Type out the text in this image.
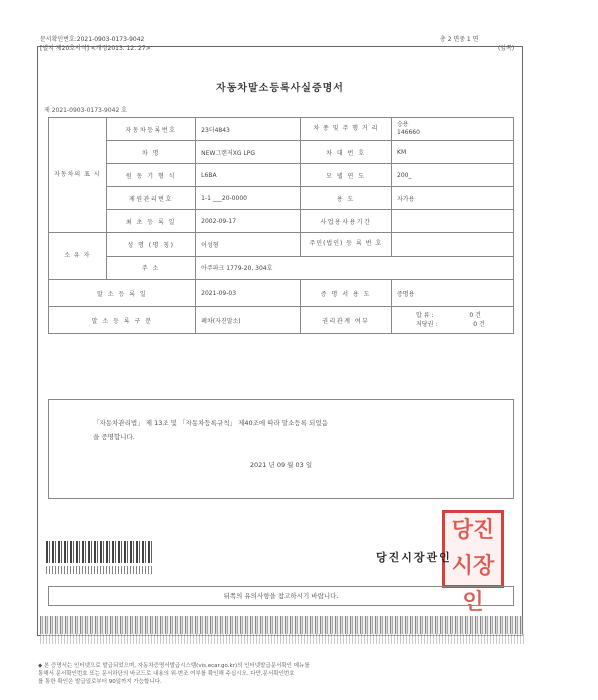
문서확인번호:2021-0903-0173-9042	총 2 면중 1 면
[별지 제20호서식] <개정2013. 12. 27>	(앞쪽)
자동차말소등록사실증명서
제 2021-0903-0173-9042 호
자동차의 표 시	자동차등록번호	23더4843	차 종 및 주 행 거 리	승용
146660

	차 명	NEW그랜저XG LPG	차 대 번 호	KM
	원 동 기 형 식	L6BA	모 델 연 도	200_
	제원관리번호	1-1 ___20-0000	용 도	자가용
	최 초 등 록 일	2002-09-17	사업용사용기간	
소 유 자	성 명 (명 칭)	이성형	주민(법인) 등 록 번 호	
	주 소	아주파크 1779-20, 304호		
말 소 등 록 일		2021-09-03	증 명 서 용 도	증명용
말 소 등 록 구 분		폐차(자진말소)	권리관계 여부	압 류 : 0 건
저당권 : 0 건
「자동차관리법」 제 13조 및 「자동차등록규칙」 제40조에 따라 말소등록 되었음
을 증명합니다.
2021 년 09 월 03 일
당진 시장 인
당진시장관인
뒤쪽의 유의사항을 참고하시기 바랍니다.
◆ 본 증명서는 인터넷으로 발급되었으며, 자동차증명서발급시스템(vis.ecar.go.kr)의 인터넷발급문서확인 메뉴를
통해서 문서확인번호 또는 문서하단의 바코드로 내용의 위·변조 여부를 확인해 주십시오. 다만,문서확인번호
를 통한 확인은 발급일로부터 90일까지 가능합니다.
